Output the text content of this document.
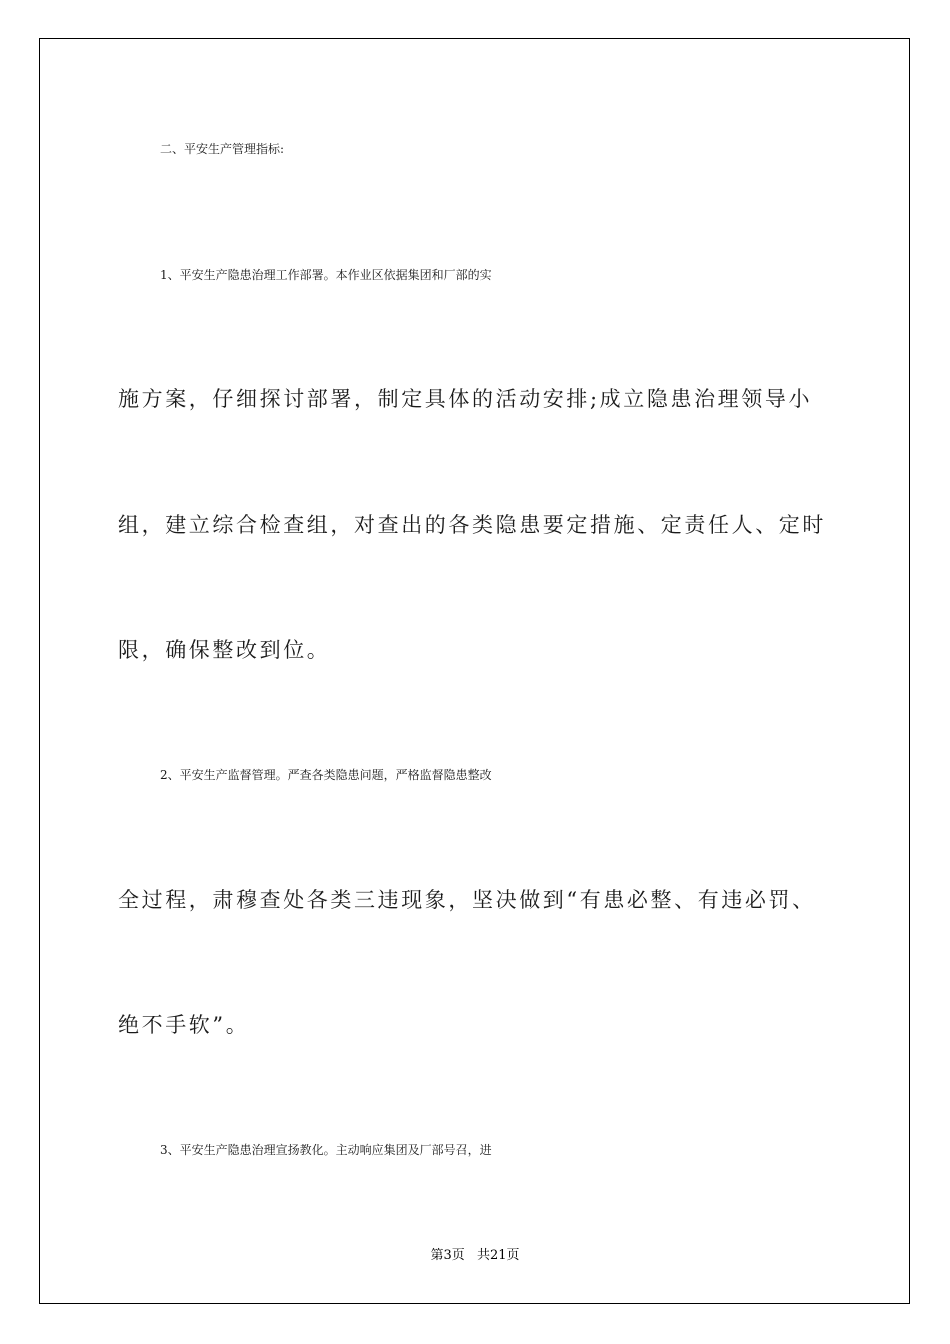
二、平安生产管理指标:
1、平安生产隐患治理工作部署。本作业区依据集团和厂部的实
施方案，仔细探讨部署，制定具体的活动安排;成立隐患治理领导小
组，建立综合检查组，对查出的各类隐患要定措施、定责任人、定时
限，确保整改到位。
2、平安生产监督管理。严查各类隐患问题，严格监督隐患整改
全过程，肃穆查处各类三违现象，坚决做到“有患必整、有违必罚、
绝不手软”。
3、平安生产隐患治理宣扬教化。主动响应集团及厂部号召，进
第3页 共21页
